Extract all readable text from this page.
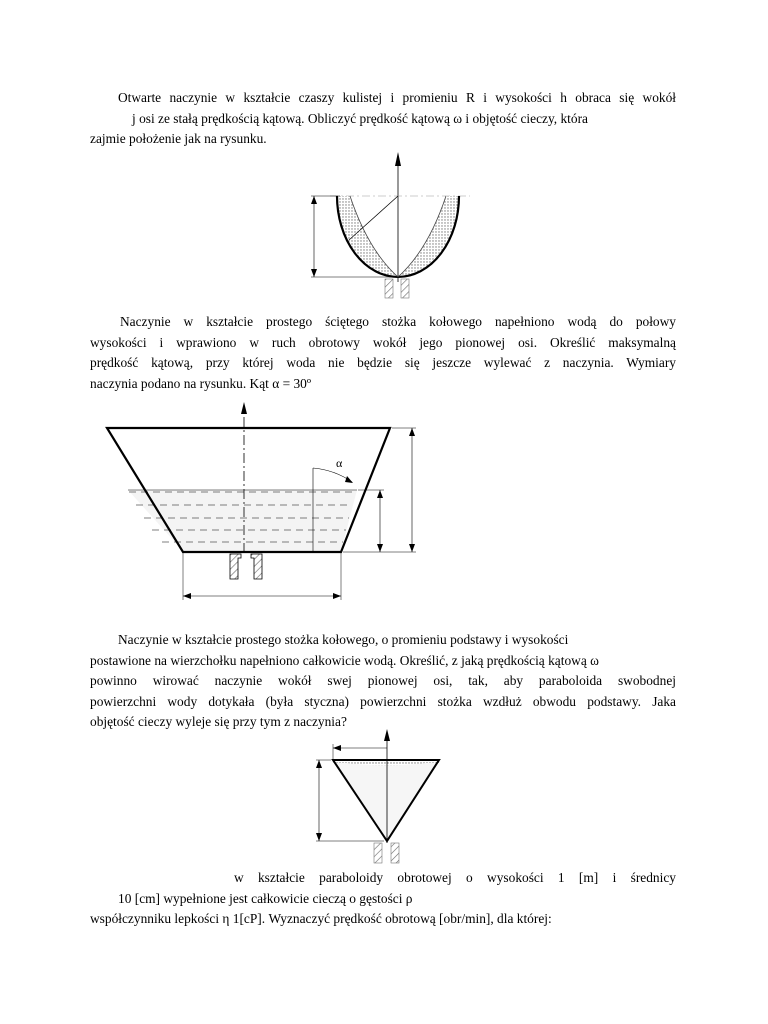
Otwarte naczynie w kształcie czaszy kulistej i promieniu R i wysokości h obraca się wokół
j osi ze stałą prędkością kątową. Obliczyć prędkość kątową ω i objętość cieczy, która
zajmie położenie jak na rysunku.
Naczynie w kształcie prostego ściętego stożka kołowego napełniono wodą do połowy
wysokości i wprawiono w ruch obrotowy wokół jego pionowej osi. Określić maksymalną
prędkość kątową, przy której woda nie będzie się jeszcze wylewać z naczynia. Wymiary
naczynia podano na rysunku. Kąt α = 30º
Naczynie w kształcie prostego stożka kołowego, o promieniu podstawy i wysokości
postawione na wierzchołku napełniono całkowicie wodą. Określić, z jaką prędkością kątową ω
powinno wirować naczynie wokół swej pionowej osi, tak, aby paraboloida swobodnej
powierzchni wody dotykała (była styczna) powierzchni stożka wzdłuż obwodu podstawy. Jaka
objętość cieczy wyleje się przy tym z naczynia?
w kształcie paraboloidy obrotowej o wysokości 1 [m] i średnicy
10 [cm] wypełnione jest całkowicie cieczą o gęstości ρ
współczynniku lepkości η 1[cP]. Wyznaczyć prędkość obrotową [obr/min], dla której:
α
